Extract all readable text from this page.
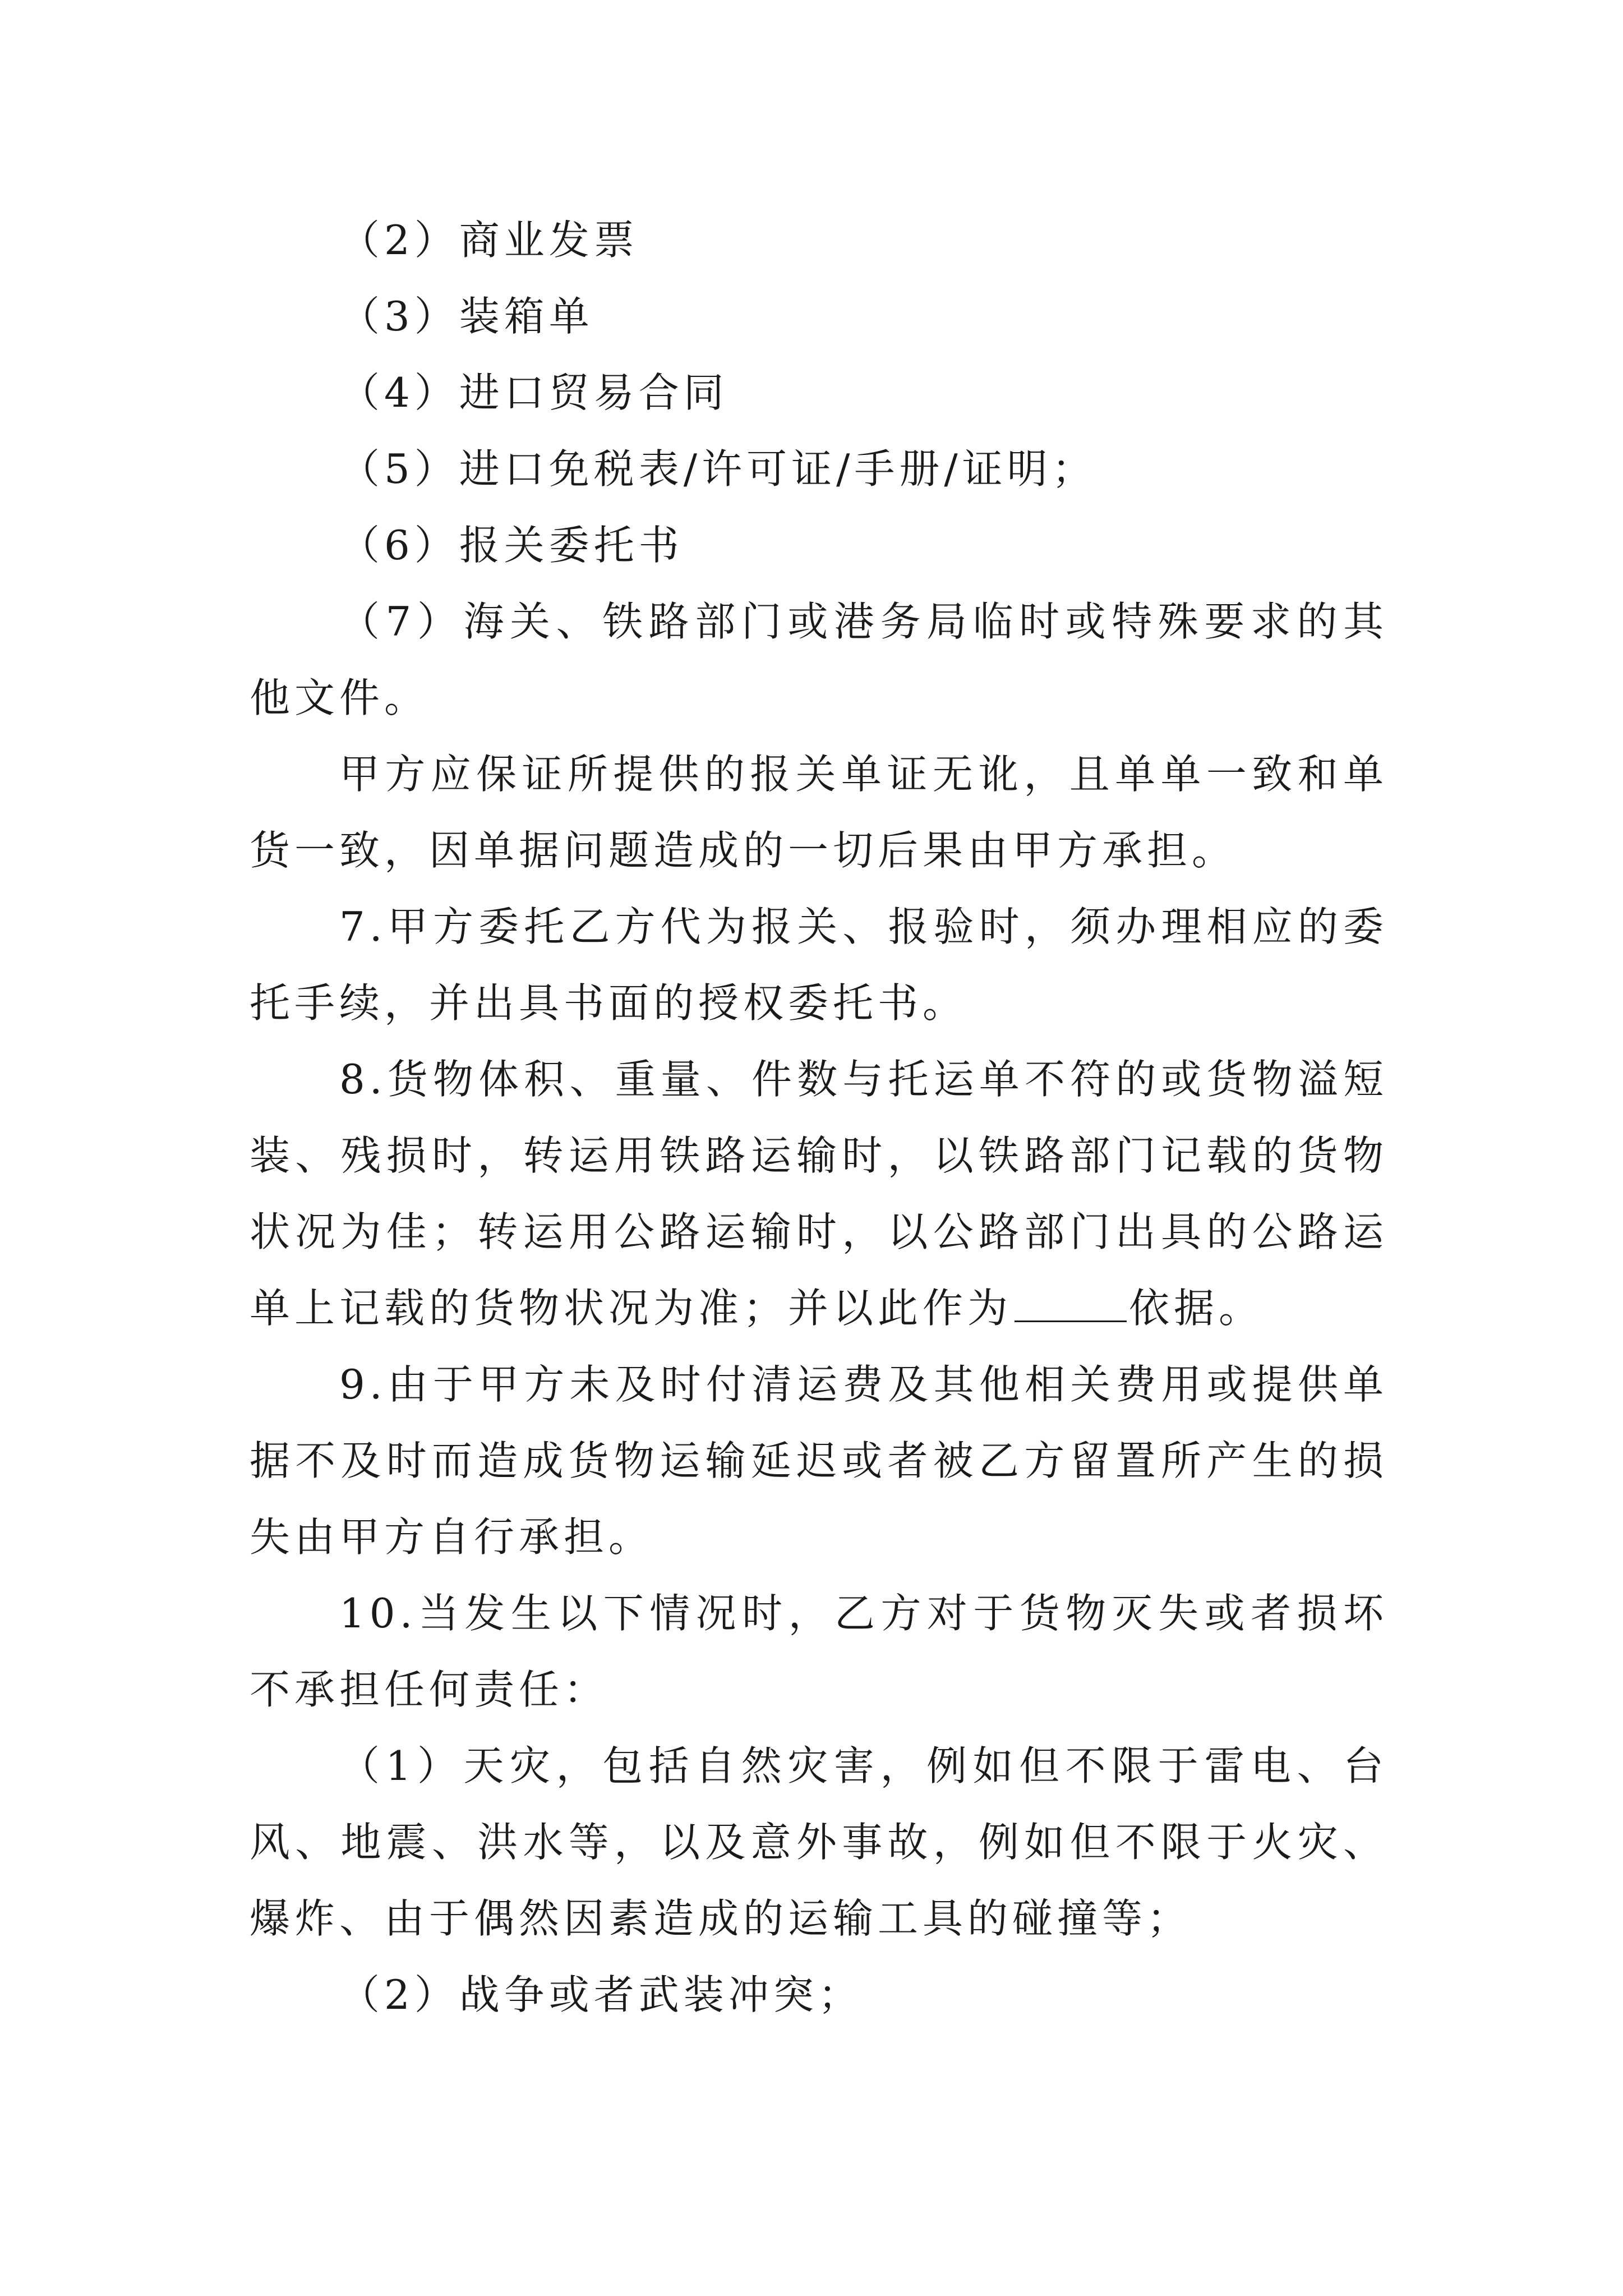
（2）商业发票

（3）装箱单

（4）进口贸易合同

（5）进口免税表/许可证/手册/证明；

（6）报关委托书

（7）海关、铁路部门或港务局临时或特殊要求的其他文件。

甲方应保证所提供的报关单证无讹，且单单一致和单货一致，因单据问题造成的一切后果由甲方承担。

7.甲方委托乙方代为报关、报验时，须办理相应的委托手续，并出具书面的授权委托书。

8.货物体积、重量、件数与托运单不符的或货物溢短装、残损时，转运用铁路运输时，以铁路部门记载的货物状况为佳；转运用公路运输时，以公路部门出具的公路运单上记载的货物状况为准；并以此作为	依据。

9.由于甲方未及时付清运费及其他相关费用或提供单据不及时而造成货物运输延迟或者被乙方留置所产生的损失由甲方自行承担。

10.当发生以下情况时，乙方对于货物灭失或者损坏不承担任何责任：

（1）天灾，包括自然灾害，例如但不限于雷电、台风、地震、洪水等，以及意外事故，例如但不限于火灾、爆炸、由于偶然因素造成的运输工具的碰撞等；

（2）战争或者武装冲突；
